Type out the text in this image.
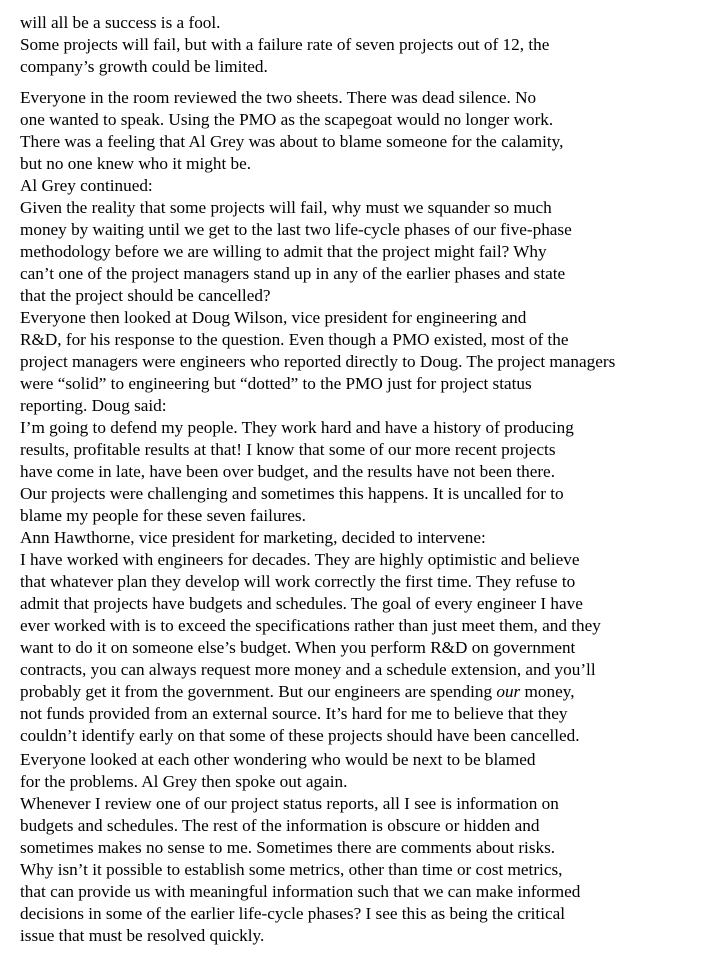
will all be a success is a fool.
Some projects will fail, but with a failure rate of seven projects out of 12, the
company’s growth could be limited.
Everyone in the room reviewed the two sheets. There was dead silence. No
one wanted to speak. Using the PMO as the scapegoat would no longer work.
There was a feeling that Al Grey was about to blame someone for the calamity,
but no one knew who it might be.
Al Grey continued:
Given the reality that some projects will fail, why must we squander so much
money by waiting until we get to the last two life-cycle phases of our five-phase
methodology before we are willing to admit that the project might fail? Why
can’t one of the project managers stand up in any of the earlier phases and state
that the project should be cancelled?
Everyone then looked at Doug Wilson, vice president for engineering and
R&D, for his response to the question. Even though a PMO existed, most of the
project managers were engineers who reported directly to Doug. The project managers
were “solid” to engineering but “dotted” to the PMO just for project status
reporting. Doug said:
I’m going to defend my people. They work hard and have a history of producing
results, profitable results at that! I know that some of our more recent projects
have come in late, have been over budget, and the results have not been there.
Our projects were challenging and sometimes this happens. It is uncalled for to
blame my people for these seven failures.
Ann Hawthorne, vice president for marketing, decided to intervene:
I have worked with engineers for decades. They are highly optimistic and believe
that whatever plan they develop will work correctly the first time. They refuse to
admit that projects have budgets and schedules. The goal of every engineer I have
ever worked with is to exceed the specifications rather than just meet them, and they
want to do it on someone else’s budget. When you perform R&D on government
contracts, you can always request more money and a schedule extension, and you’ll
probably get it from the government. But our engineers are spending our money,
not funds provided from an external source. It’s hard for me to believe that they
couldn’t identify early on that some of these projects should have been cancelled.
Everyone looked at each other wondering who would be next to be blamed
for the problems. Al Grey then spoke out again.
Whenever I review one of our project status reports, all I see is information on
budgets and schedules. The rest of the information is obscure or hidden and
sometimes makes no sense to me. Sometimes there are comments about risks.
Why isn’t it possible to establish some metrics, other than time or cost metrics,
that can provide us with meaningful information such that we can make informed
decisions in some of the earlier life-cycle phases? I see this as being the critical
issue that must be resolved quickly.
